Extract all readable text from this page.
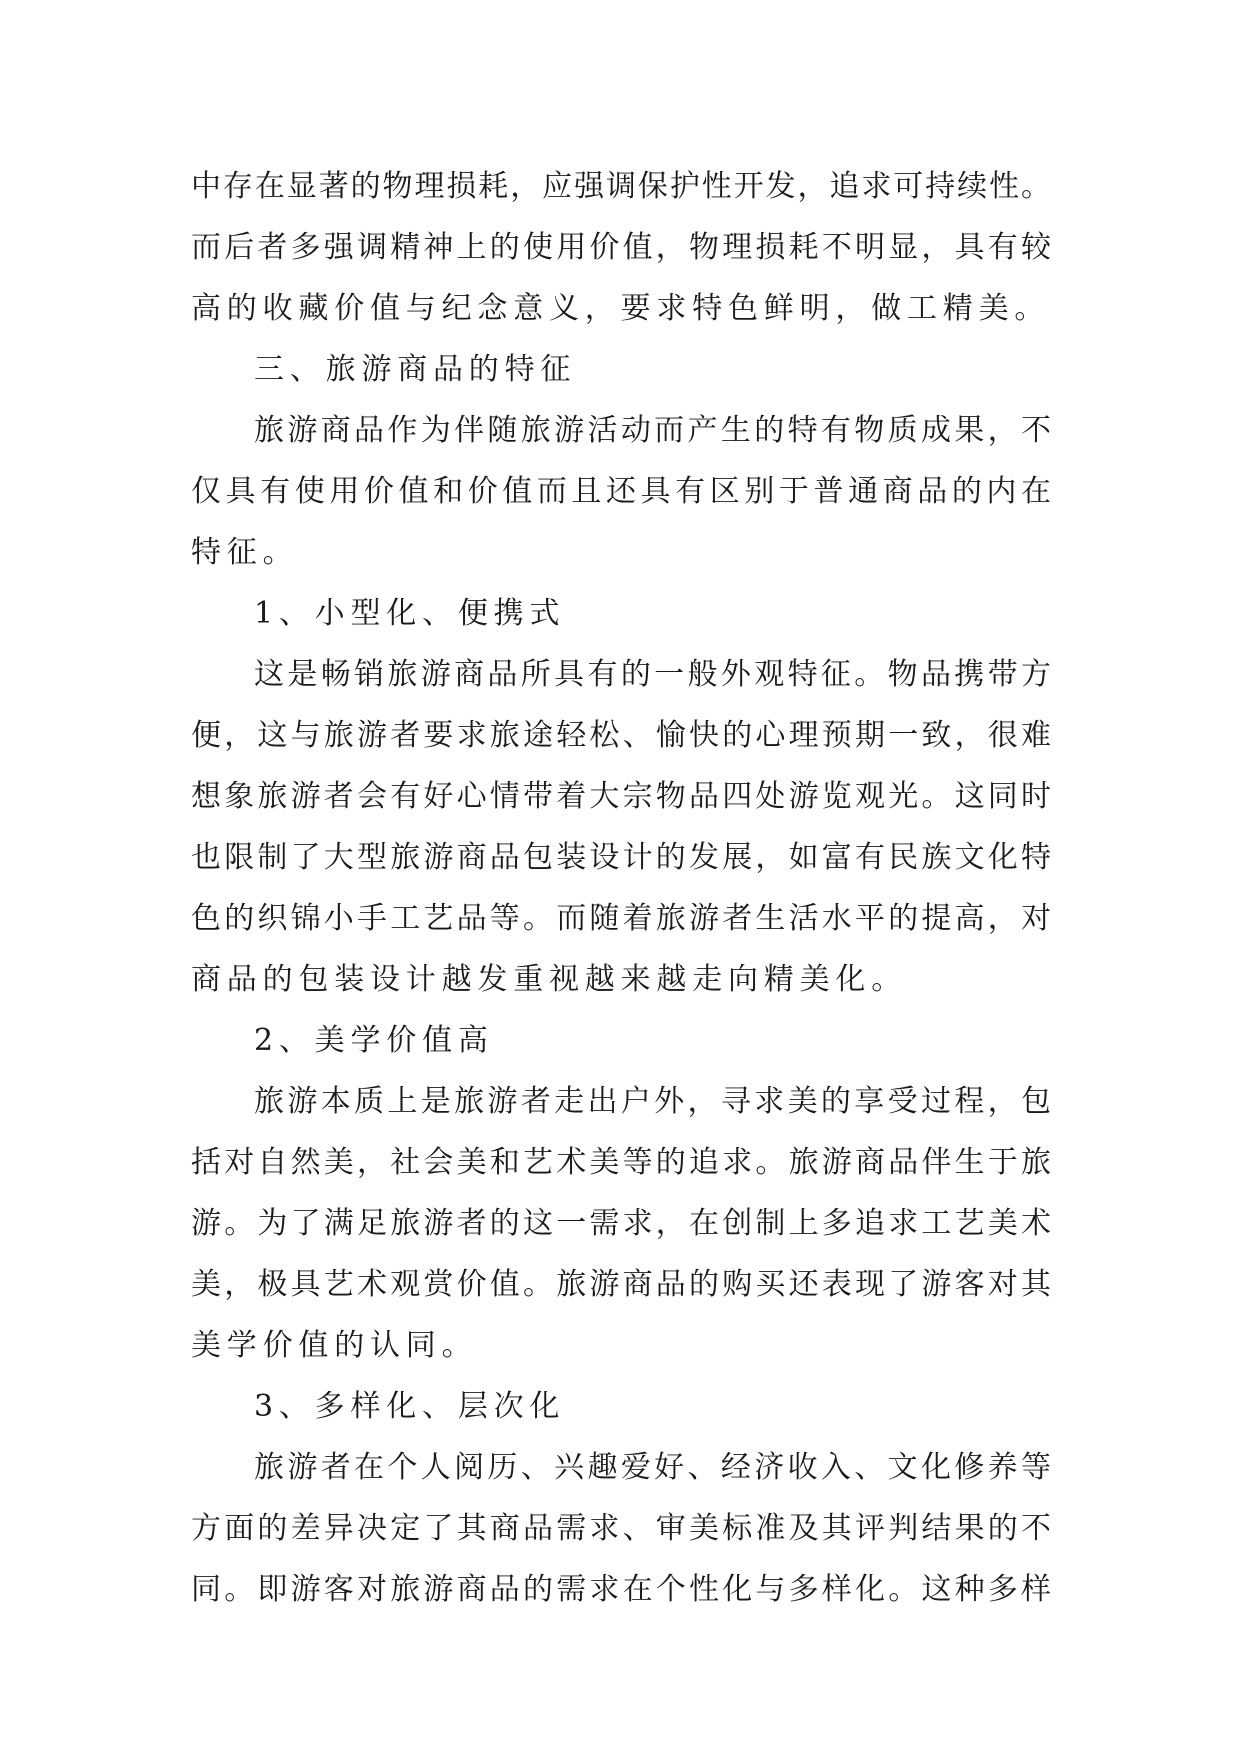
中存在显著的物理损耗，应强调保护性开发，追求可持续性。
而后者多强调精神上的使用价值，物理损耗不明显，具有较
高的收藏价值与纪念意义，要求特色鲜明，做工精美。
三、旅游商品的特征
旅游商品作为伴随旅游活动而产生的特有物质成果，不
仅具有使用价值和价值而且还具有区别于普通商品的内在
特征。
1、小型化、便携式
这是畅销旅游商品所具有的一般外观特征。物品携带方
便，这与旅游者要求旅途轻松、愉快的心理预期一致，很难
想象旅游者会有好心情带着大宗物品四处游览观光。这同时
也限制了大型旅游商品包装设计的发展，如富有民族文化特
色的织锦小手工艺品等。而随着旅游者生活水平的提高，对
商品的包装设计越发重视越来越走向精美化。
2、美学价值高
旅游本质上是旅游者走出户外，寻求美的享受过程，包
括对自然美，社会美和艺术美等的追求。旅游商品伴生于旅
游。为了满足旅游者的这一需求，在创制上多追求工艺美术
美，极具艺术观赏价值。旅游商品的购买还表现了游客对其
美学价值的认同。
3、多样化、层次化
旅游者在个人阅历、兴趣爱好、经济收入、文化修养等
方面的差异决定了其商品需求、审美标准及其评判结果的不
同。即游客对旅游商品的需求在个性化与多样化。这种多样
